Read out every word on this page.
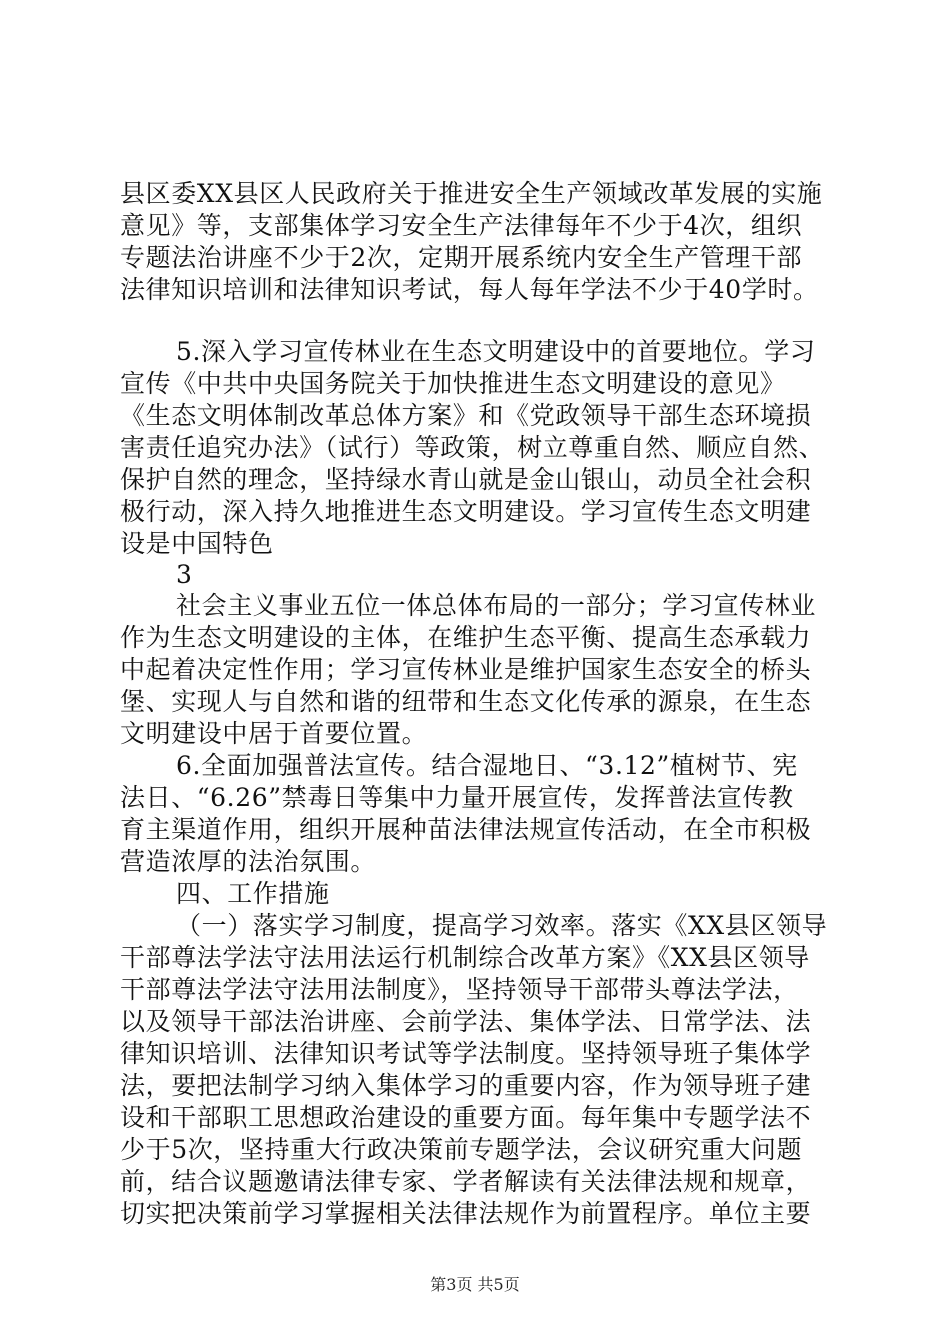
县区委XX县区人民政府关于推进安全生产领域改革发展的实施
意见》等，支部集体学习安全生产法律每年不少于4次，组织
专题法治讲座不少于2次，定期开展系统内安全生产管理干部
法律知识培训和法律知识考试，每人每年学法不少于40学时。
5.深入学习宣传林业在生态文明建设中的首要地位。学习
宣传《中共中央国务院关于加快推进生态文明建设的意见》
《生态文明体制改革总体方案》和《党政领导干部生态环境损
害责任追究办法》（试行）等政策，树立尊重自然、顺应自然、
保护自然的理念，坚持绿水青山就是金山银山，动员全社会积
极行动，深入持久地推进生态文明建设。学习宣传生态文明建
设是中国特色
3
社会主义事业五位一体总体布局的一部分；学习宣传林业
作为生态文明建设的主体，在维护生态平衡、提高生态承载力
中起着决定性作用；学习宣传林业是维护国家生态安全的桥头
堡、实现人与自然和谐的纽带和生态文化传承的源泉，在生态
文明建设中居于首要位置。
6.全面加强普法宣传。结合湿地日、“3.12”植树节、宪
法日、“6.26”禁毒日等集中力量开展宣传，发挥普法宣传教
育主渠道作用，组织开展种苗法律法规宣传活动，在全市积极
营造浓厚的法治氛围。
四、工作措施
（一）落实学习制度，提高学习效率。落实《XX县区领导
干部尊法学法守法用法运行机制综合改革方案》《XX县区领导
干部尊法学法守法用法制度》，坚持领导干部带头尊法学法，
以及领导干部法治讲座、会前学法、集体学法、日常学法、法
律知识培训、法律知识考试等学法制度。坚持领导班子集体学
法，要把法制学习纳入集体学习的重要内容，作为领导班子建
设和干部职工思想政治建设的重要方面。每年集中专题学法不
少于5次，坚持重大行政决策前专题学法，会议研究重大问题
前，结合议题邀请法律专家、学者解读有关法律法规和规章，
切实把决策前学习掌握相关法律法规作为前置程序。单位主要
第3页 共5页
